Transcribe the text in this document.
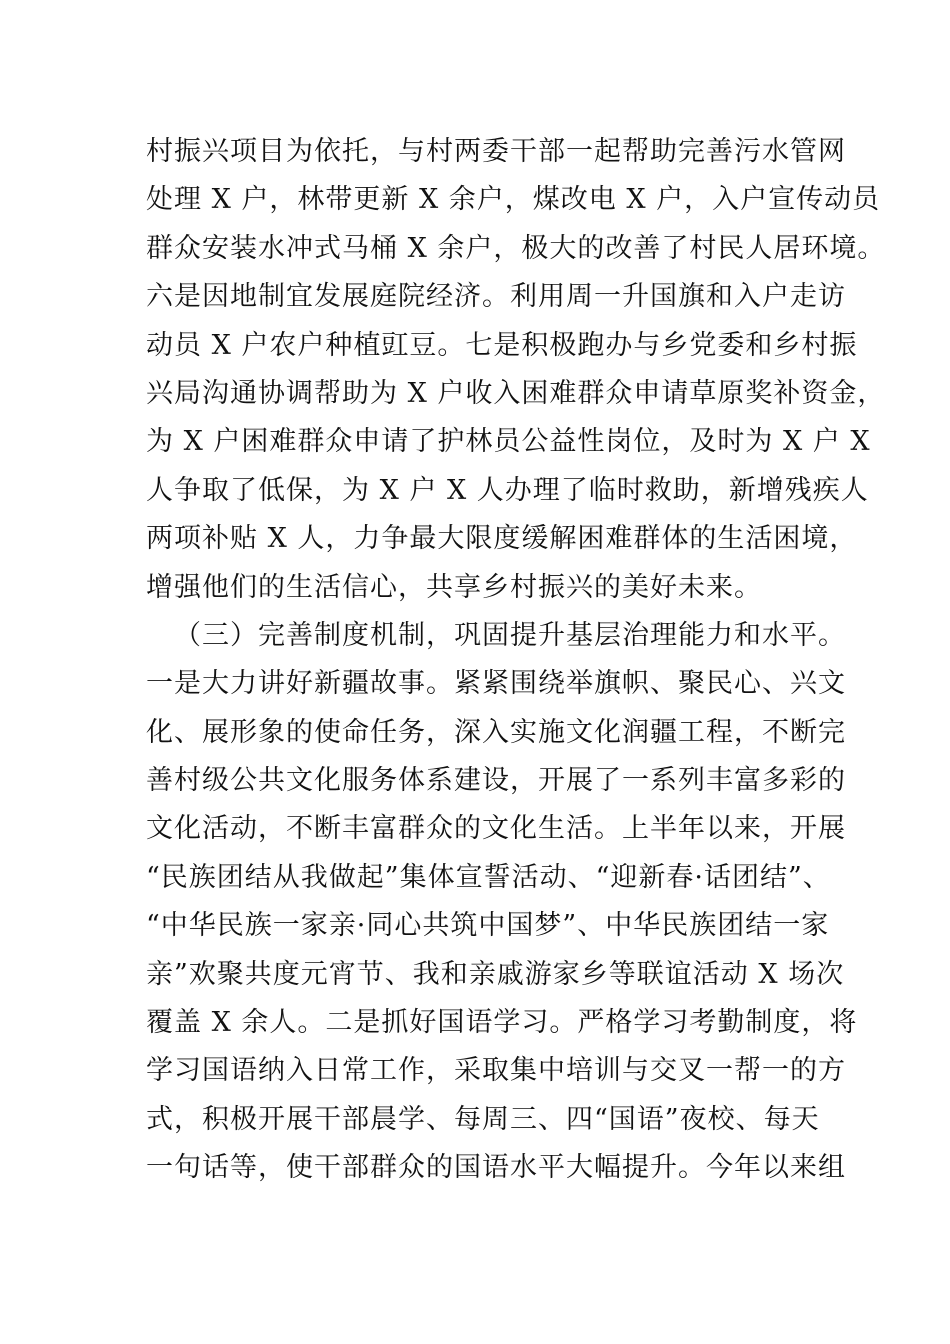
村振兴项目为依托，与村两委干部一起帮助完善污水管网
处理 X 户，林带更新 X 余户，煤改电 X 户，入户宣传动员
群众安装水冲式马桶 X 余户，极大的改善了村民人居环境。
六是因地制宜发展庭院经济。利用周一升国旗和入户走访
动员 X 户农户种植豇豆。七是积极跑办与乡党委和乡村振
兴局沟通协调帮助为 X 户收入困难群众申请草原奖补资金，
为 X 户困难群众申请了护林员公益性岗位，及时为 X 户 X
人争取了低保，为 X 户 X 人办理了临时救助，新增残疾人
两项补贴 X 人，力争最大限度缓解困难群体的生活困境，
增强他们的生活信心，共享乡村振兴的美好未来。
（三）完善制度机制，巩固提升基层治理能力和水平。
一是大力讲好新疆故事。紧紧围绕举旗帜、聚民心、兴文
化、展形象的使命任务，深入实施文化润疆工程，不断完
善村级公共文化服务体系建设，开展了一系列丰富多彩的
文化活动，不断丰富群众的文化生活。上半年以来，开展
“民族团结从我做起”集体宣誓活动、“迎新春·话团结”、
“中华民族一家亲·同心共筑中国梦”、中华民族团结一家
亲”欢聚共度元宵节、我和亲戚游家乡等联谊活动 X 场次
覆盖 X 余人。二是抓好国语学习。严格学习考勤制度，将
学习国语纳入日常工作，采取集中培训与交叉一帮一的方
式，积极开展干部晨学、每周三、四“国语”夜校、每天
一句话等，使干部群众的国语水平大幅提升。今年以来组
